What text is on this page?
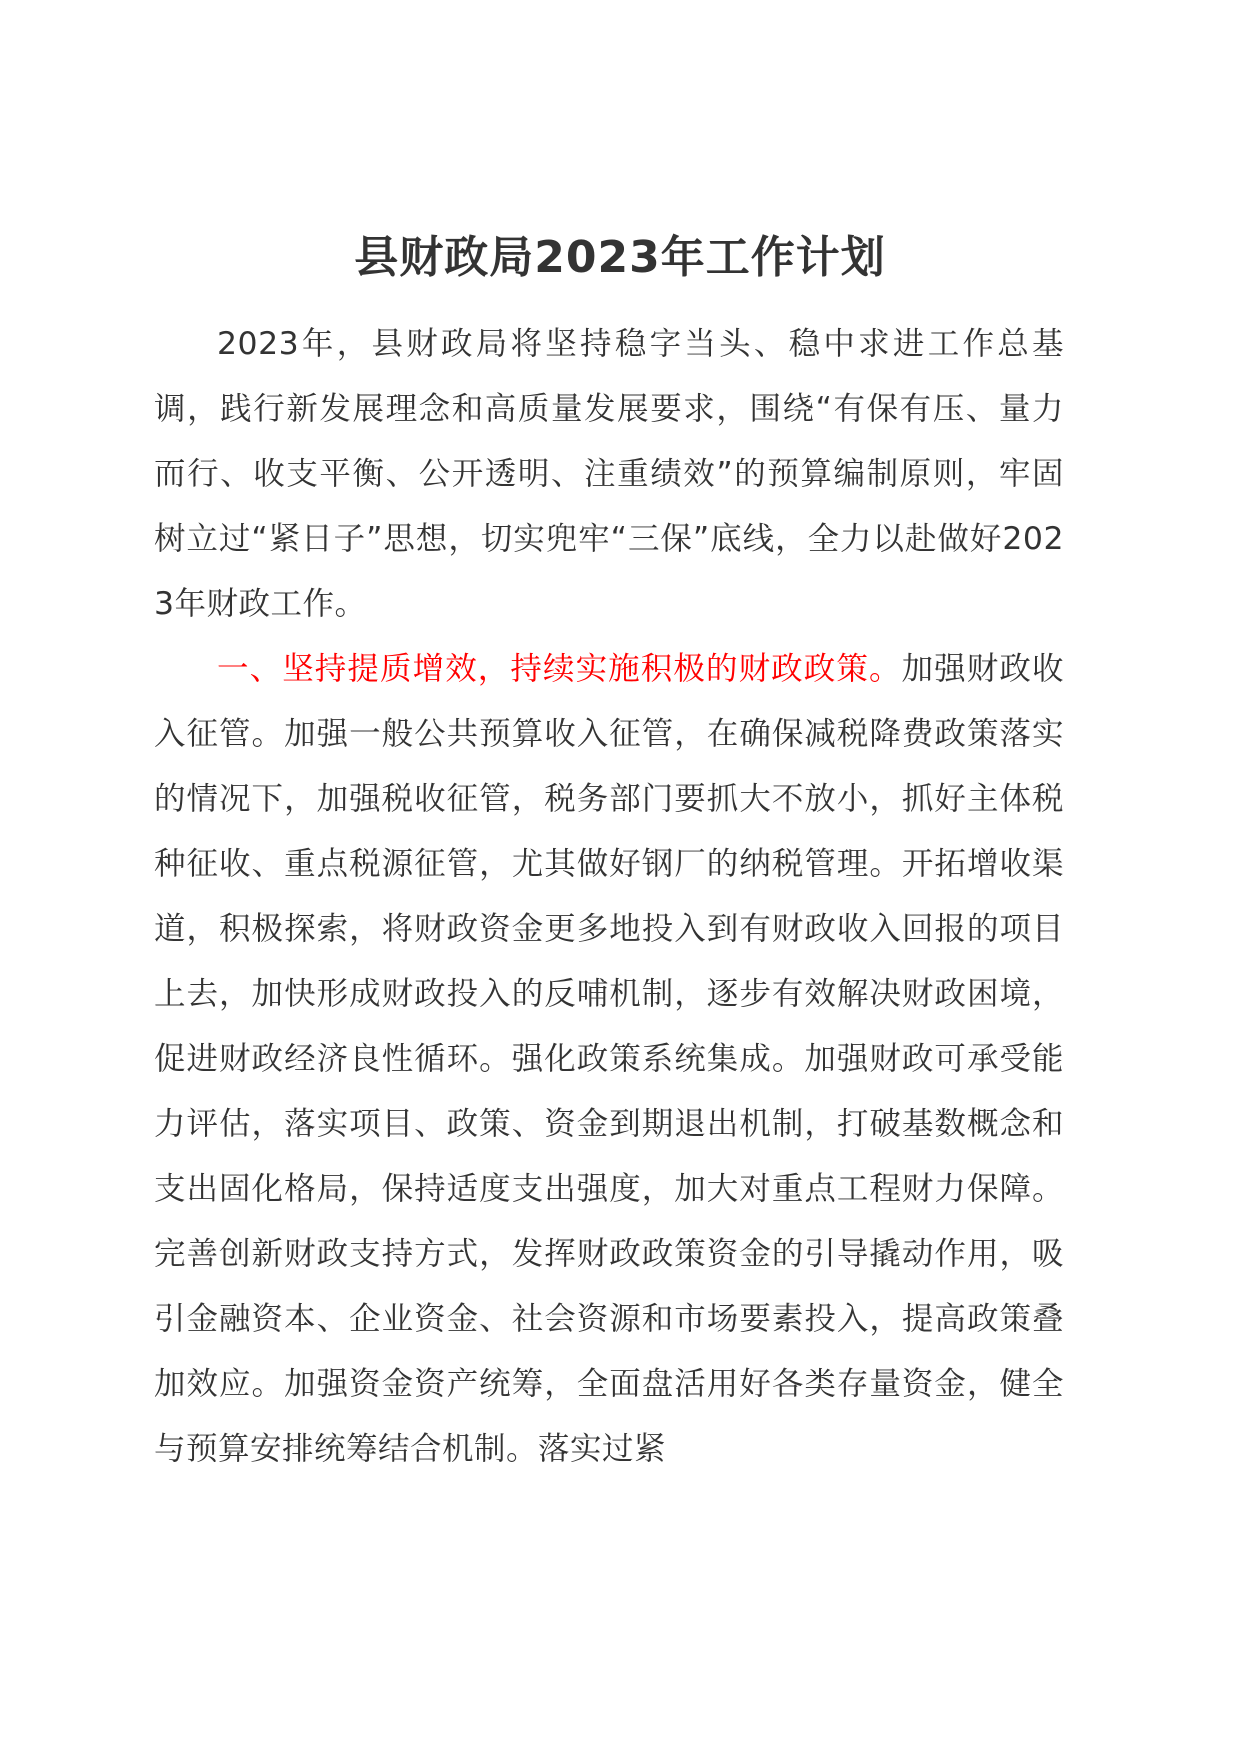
县财政局2023年工作计划

2023年，县财政局将坚持稳字当头、稳中求进工作总基调，践行新发展理念和高质量发展要求，围绕“有保有压、量力而行、收支平衡、公开透明、注重绩效”的预算编制原则，牢固树立过“紧日子”思想，切实兜牢“三保”底线，全力以赴做好2023年财政工作。

一、坚持提质增效，持续实施积极的财政政策。加强财政收入征管。加强一般公共预算收入征管，在确保减税降费政策落实的情况下，加强税收征管，税务部门要抓大不放小，抓好主体税种征收、重点税源征管，尤其做好钢厂的纳税管理。开拓增收渠道，积极探索，将财政资金更多地投入到有财政收入回报的项目上去，加快形成财政投入的反哺机制，逐步有效解决财政困境，促进财政经济良性循环。强化政策系统集成。加强财政可承受能力评估，落实项目、政策、资金到期退出机制，打破基数概念和支出固化格局，保持适度支出强度，加大对重点工程财力保障。完善创新财政支持方式，发挥财政政策资金的引导撬动作用，吸引金融资本、企业资金、社会资源和市场要素投入，提高政策叠加效应。加强资金资产统筹，全面盘活用好各类存量资金，健全与预算安排统筹结合机制。落实过紧
